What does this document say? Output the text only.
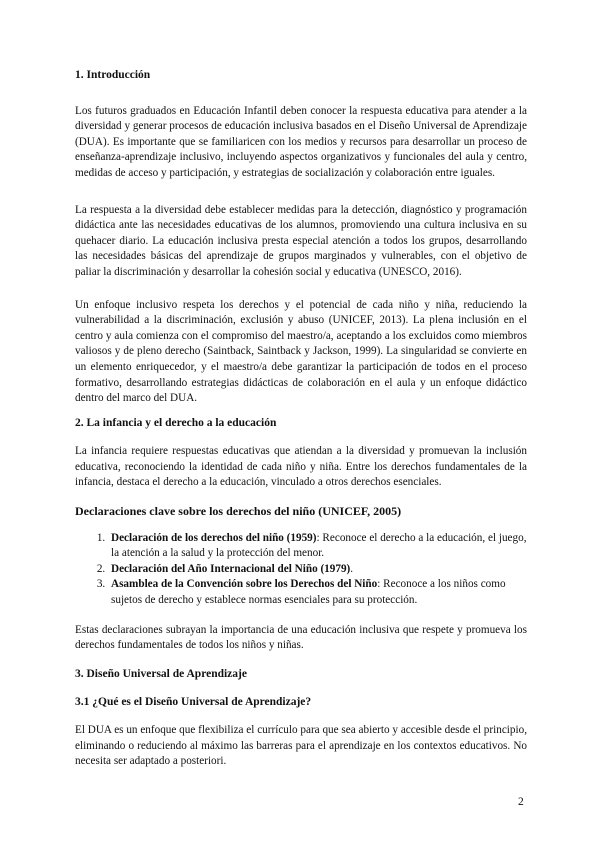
1. Introducción

Los futuros graduados en Educación Infantil deben conocer la respuesta educativa para atender a la diversidad y generar procesos de educación inclusiva basados en el Diseño Universal de Aprendizaje (DUA). Es importante que se familiaricen con los medios y recursos para desarrollar un proceso de enseñanza-aprendizaje inclusivo, incluyendo aspectos organizativos y funcionales del aula y centro, medidas de acceso y participación, y estrategias de socialización y colaboración entre iguales.

La respuesta a la diversidad debe establecer medidas para la detección, diagnóstico y programación didáctica ante las necesidades educativas de los alumnos, promoviendo una cultura inclusiva en su quehacer diario. La educación inclusiva presta especial atención a todos los grupos, desarrollando las necesidades básicas del aprendizaje de grupos marginados y vulnerables, con el objetivo de paliar la discriminación y desarrollar la cohesión social y educativa (UNESCO, 2016).

Un enfoque inclusivo respeta los derechos y el potencial de cada niño y niña, reduciendo la vulnerabilidad a la discriminación, exclusión y abuso (UNICEF, 2013). La plena inclusión en el centro y aula comienza con el compromiso del maestro/a, aceptando a los excluidos como miembros valiosos y de pleno derecho (Saintback, Saintback y Jackson, 1999). La singularidad se convierte en un elemento enriquecedor, y el maestro/a debe garantizar la participación de todos en el proceso formativo, desarrollando estrategias didácticas de colaboración en el aula y un enfoque didáctico dentro del marco del DUA.

2. La infancia y el derecho a la educación

La infancia requiere respuestas educativas que atiendan a la diversidad y promuevan la inclusión educativa, reconociendo la identidad de cada niño y niña. Entre los derechos fundamentales de la infancia, destaca el derecho a la educación, vinculado a otros derechos esenciales.

Declaraciones clave sobre los derechos del niño (UNICEF, 2005)
1. Declaración de los derechos del niño (1959): Reconoce el derecho a la educación, el juego, la atención a la salud y la protección del menor.
2. Declaración del Año Internacional del Niño (1979).
3. Asamblea de la Convención sobre los Derechos del Niño: Reconoce a los niños como sujetos de derecho y establece normas esenciales para su protección.

Estas declaraciones subrayan la importancia de una educación inclusiva que respete y promueva los derechos fundamentales de todos los niños y niñas.

3. Diseño Universal de Aprendizaje
3.1 ¿Qué es el Diseño Universal de Aprendizaje?

El DUA es un enfoque que flexibiliza el currículo para que sea abierto y accesible desde el principio, eliminando o reduciendo al máximo las barreras para el aprendizaje en los contextos educativos. No necesita ser adaptado a posteriori.

2
